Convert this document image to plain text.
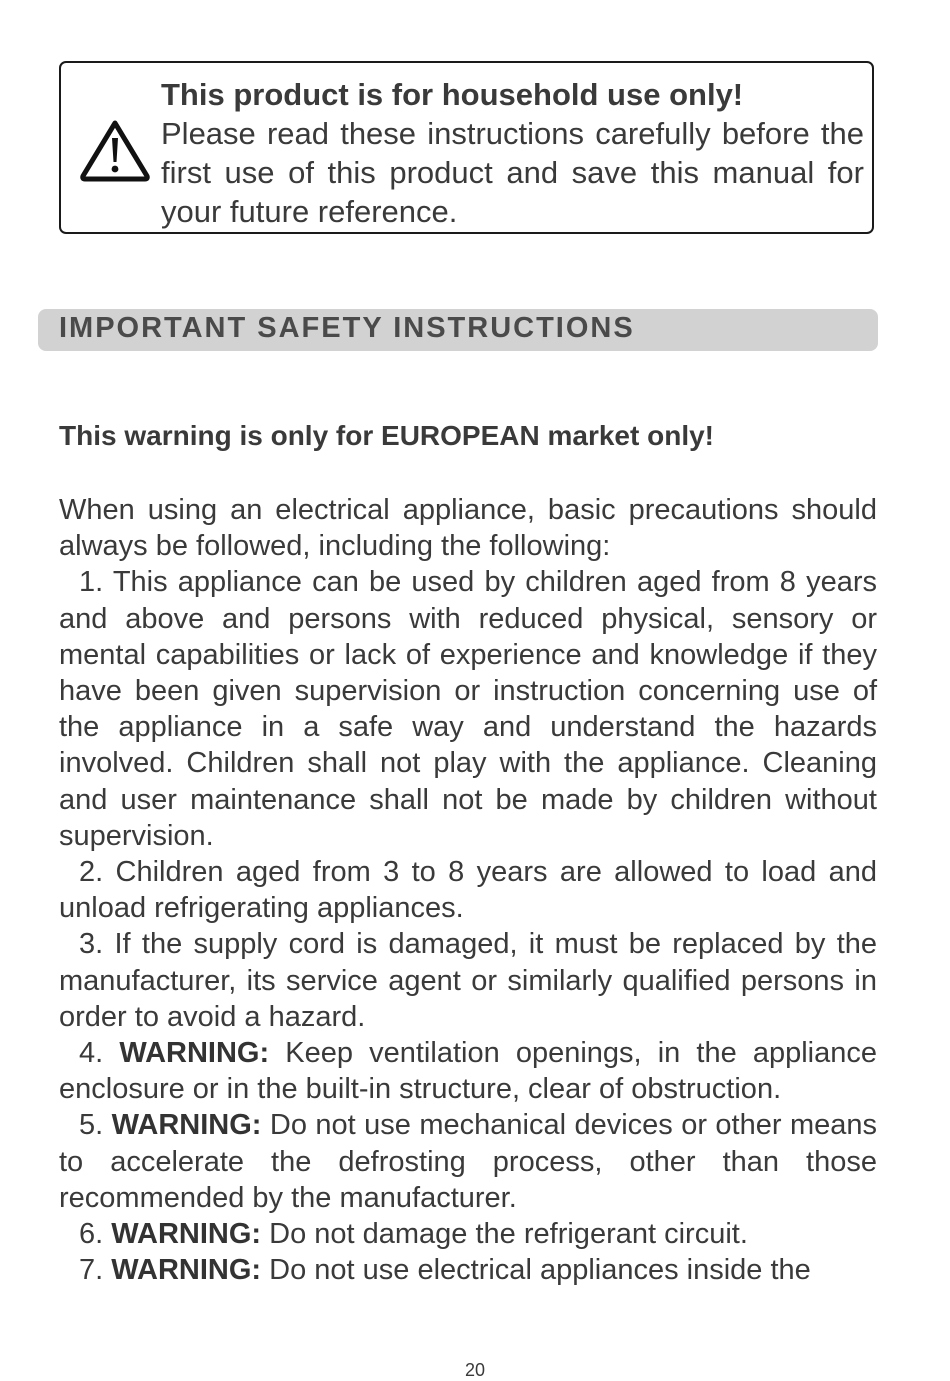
This product is for household use only!
Please read these instructions carefully before the first use of this product and save this manual for your future reference.
IMPORTANT SAFETY INSTRUCTIONS
This warning is only for EUROPEAN market only!

When using an electrical appliance, basic precautions should always be followed, including the following:

1. This appliance can be used by children aged from 8 years and above and persons with reduced physical, sensory or mental capabilities or lack of experience and knowledge if they have been given supervision or instruction concerning use of the appliance in a safe way and understand the hazards involved. Children shall not play with the appliance. Cleaning and user maintenance shall not be made by children without supervision.

2. Children aged from 3 to 8 years are allowed to load and unload refrigerating appliances.

3. If the supply cord is damaged, it must be replaced by the manufacturer, its service agent or similarly qualified persons in order to avoid a hazard.

4. WARNING: Keep ventilation openings, in the appliance enclosure or in the built-in structure, clear of obstruction.

5. WARNING: Do not use mechanical devices or other means to accelerate the defrosting process, other than those recommended by the manufacturer.

6. WARNING: Do not damage the refrigerant circuit.

7. WARNING: Do not use electrical appliances inside the

20
